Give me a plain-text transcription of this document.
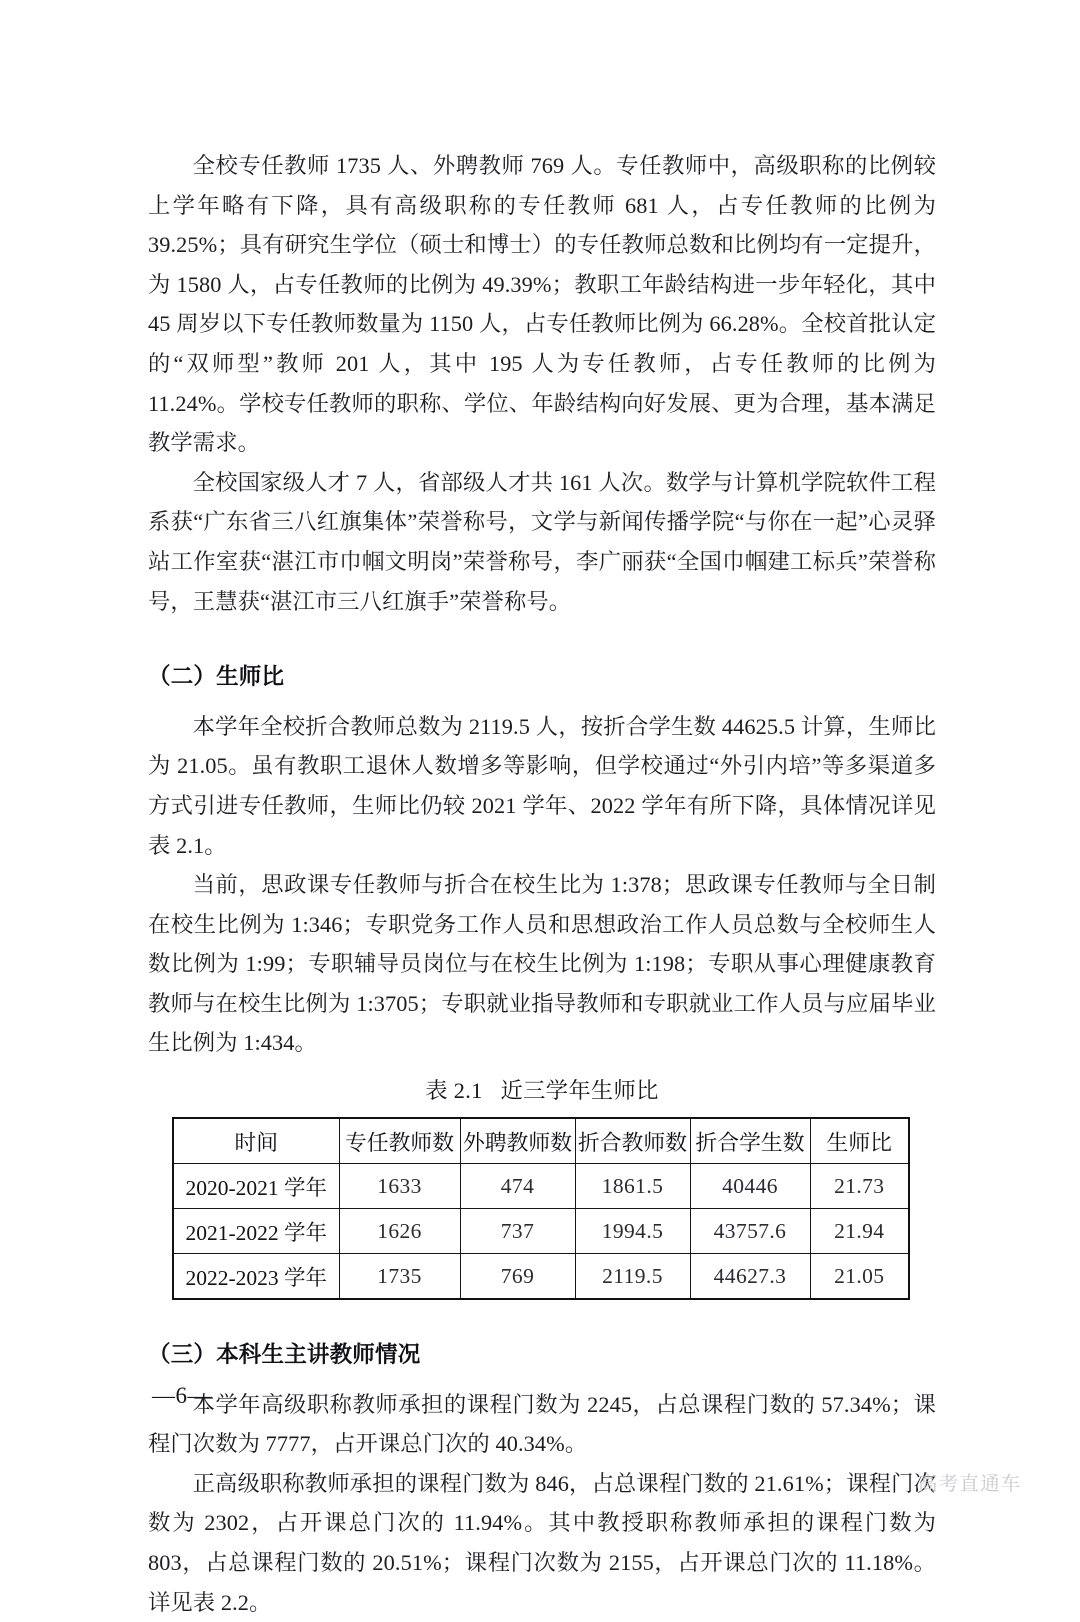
全校专任教师 1735 人、外聘教师 769 人。专任教师中，高级职称的比例较上学年略有下降，具有高级职称的专任教师 681 人，占专任教师的比例为 39.25%；具有研究生学位（硕士和博士）的专任教师总数和比例均有一定提升，为 1580 人，占专任教师的比例为 49.39%；教职工年龄结构进一步年轻化，其中 45 周岁以下专任教师数量为 1150 人，占专任教师比例为 66.28%。全校首批认定的“双师型”教师 201 人，其中 195 人为专任教师，占专任教师的比例为 11.24%。学校专任教师的职称、学位、年龄结构向好发展、更为合理，基本满足教学需求。

全校国家级人才 7 人，省部级人才共 161 人次。数学与计算机学院软件工程系获“广东省三八红旗集体”荣誉称号，文学与新闻传播学院“与你在一起”心灵驿站工作室获“湛江市巾帼文明岗”荣誉称号，李广丽获“全国巾帼建工标兵”荣誉称号，王慧获“湛江市三八红旗手”荣誉称号。

（二）生师比

本学年全校折合教师总数为 2119.5 人，按折合学生数 44625.5 计算，生师比为 21.05。虽有教职工退休人数增多等影响，但学校通过“外引内培”等多渠道多方式引进专任教师，生师比仍较 2021 学年、2022 学年有所下降，具体情况详见表 2.1。

当前，思政课专任教师与折合在校生比为 1:378；思政课专任教师与全日制在校生比例为 1:346；专职党务工作人员和思想政治工作人员总数与全校师生人数比例为 1:99；专职辅导员岗位与在校生比例为 1:198；专职从事心理健康教育教师与在校生比例为 1:3705；专职就业指导教师和专职就业工作人员与应届毕业生比例为 1:434。

表 2.1 近三学年生师比
时间	专任教师数	外聘教师数	折合教师数	折合学生数	生师比
2020-2021 学年	1633	474	1861.5	40446	21.73
2021-2022 学年	1626	737	1994.5	43757.6	21.94
2022-2023 学年	1735	769	2119.5	44627.3	21.05
（三）本科生主讲教师情况

本学年高级职称教师承担的课程门数为 2245，占总课程门数的 57.34%；课程门次数为 7777，占开课总门次的 40.34%。

正高级职称教师承担的课程门数为 846，占总课程门数的 21.61%；课程门次数为 2302，占开课总门次的 11.94%。其中教授职称教师承担的课程门数为 803，占总课程门数的 20.51%；课程门次数为 2155，占开课总门次的 11.18%。详见表 2.2。

—6—
高考直通车
